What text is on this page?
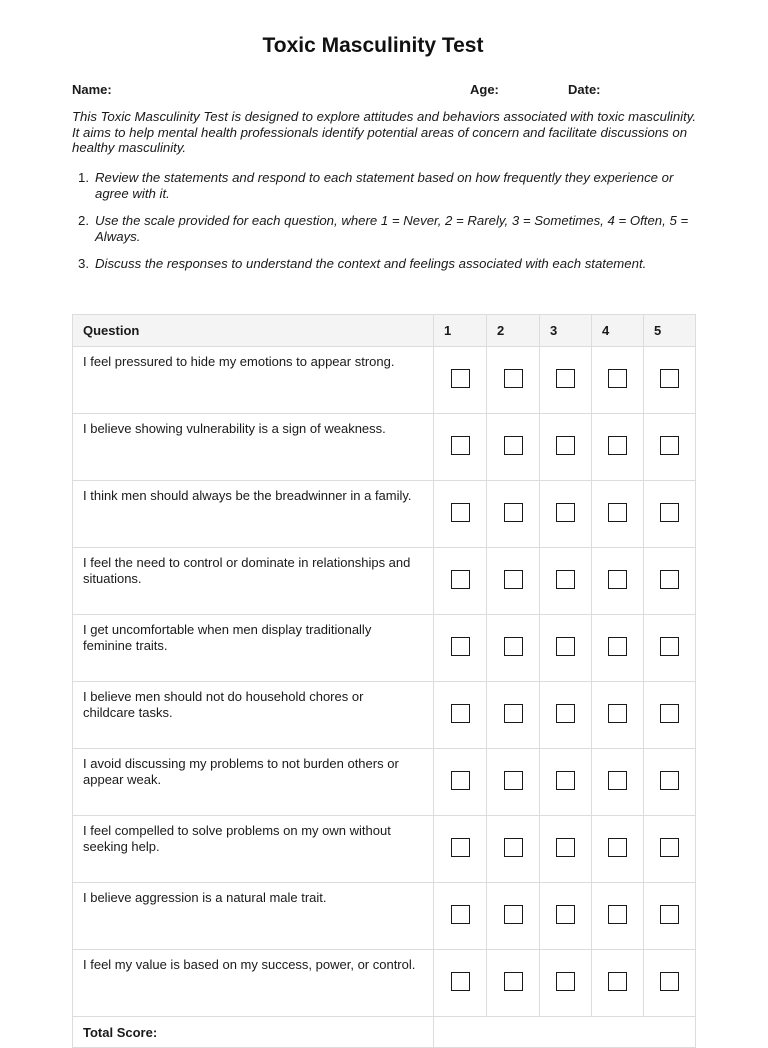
Toxic Masculinity Test
Name:	Age:	Date:
This Toxic Masculinity Test is designed to explore attitudes and behaviors associated with toxic masculinity. It aims to help mental health professionals identify potential areas of concern and facilitate discussions on healthy masculinity.
1. Review the statements and respond to each statement based on how frequently they experience or agree with it.
2. Use the scale provided for each question, where 1 = Never, 2 = Rarely, 3 = Sometimes, 4 = Often, 5 = Always.
3. Discuss the responses to understand the context and feelings associated with each statement.
Question	1	2	3	4	5
I feel pressured to hide my emotions to appear strong.					
I believe showing vulnerability is a sign of weakness.					
I think men should always be the breadwinner in a family.					
I feel the need to control or dominate in relationships and situations.					
I get uncomfortable when men display traditionally feminine traits.					
I believe men should not do household chores or childcare tasks.					
I avoid discussing my problems to not burden others or appear weak.					
I feel compelled to solve problems on my own without seeking help.					
I believe aggression is a natural male trait.					
I feel my value is based on my success, power, or control.					
Total Score:					
